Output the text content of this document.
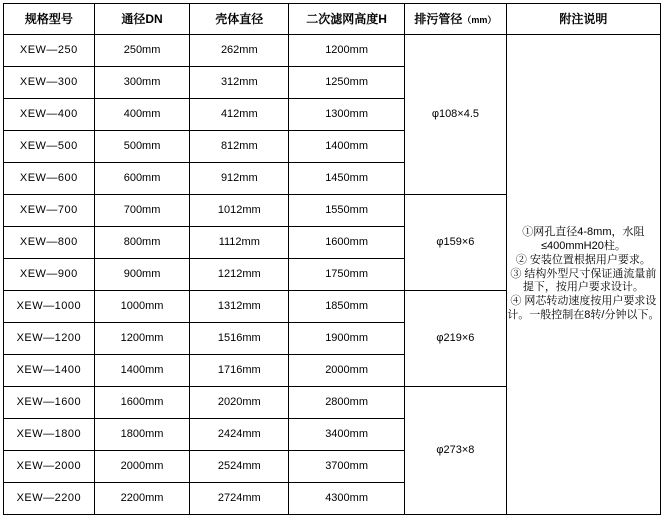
规格型号	通径DN	壳体直径	二次滤网高度H	排污管径（mm）	附注说明
XEW—250	250mm	262mm	1200mm	φ108×4.5	①网孔直径4-8mm，水阻≤400mmH20柱。

② 安装位置根据用户要求。

③ 结构外型尺寸保证通流量前提下，按用户要求设计。

④ 网芯转动速度按用户要求设计。一般控制在8转/分钟以下。

XEW—300	300mm	312mm	1250mm		
XEW—400	400mm	412mm	1300mm		
XEW—500	500mm	812mm	1400mm		
XEW—600	600mm	912mm	1450mm		
XEW—700	700mm	1012mm	1550mm	φ159×6	
XEW—800	800mm	1112mm	1600mm		
XEW—900	900mm	1212mm	1750mm		
XEW—1000	1000mm	1312mm	1850mm	φ219×6	
XEW—1200	1200mm	1516mm	1900mm		
XEW—1400	1400mm	1716mm	2000mm		
XEW—1600	1600mm	2020mm	2800mm	φ273×8	
XEW—1800	1800mm	2424mm	3400mm		
XEW—2000	2000mm	2524mm	3700mm		
XEW—2200	2200mm	2724mm	4300mm		
